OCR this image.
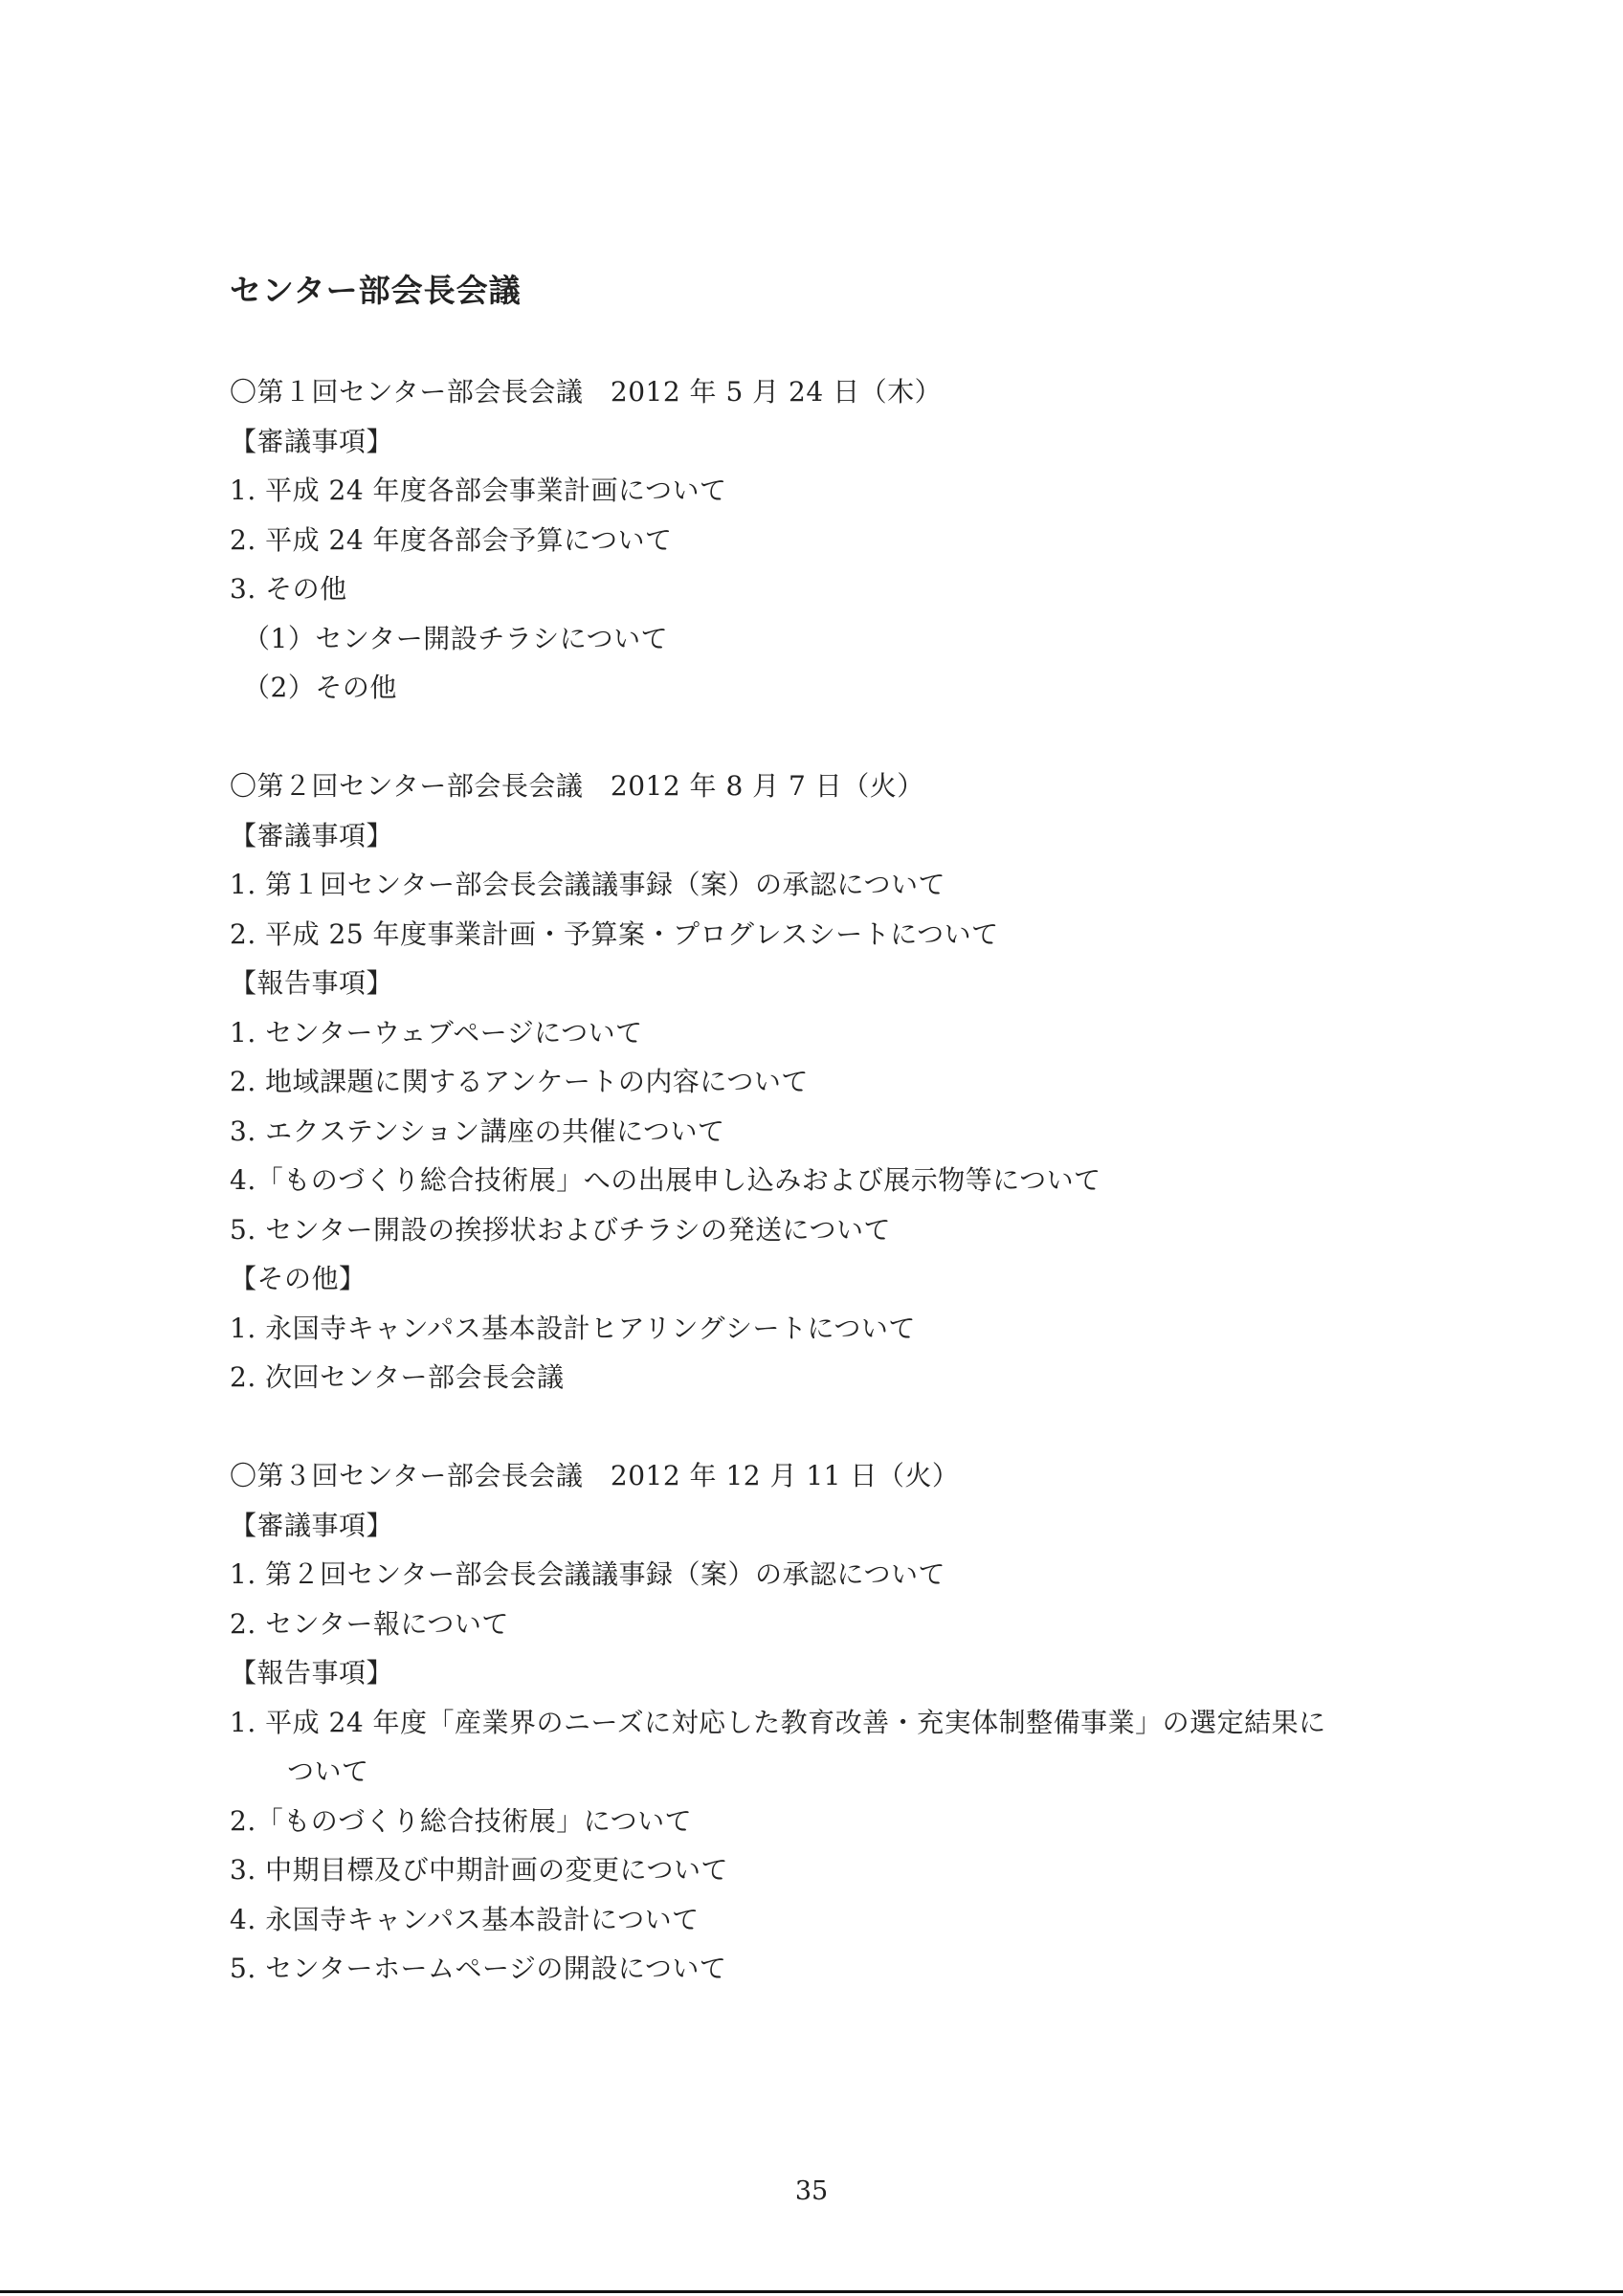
センター部会長会議
〇第１回センター部会長会議　2012 年 5 月 24 日（木）
【審議事項】
1. 平成 24 年度各部会事業計画について
2. 平成 24 年度各部会予算について
3. その他
（1）センター開設チラシについて
（2）その他
〇第２回センター部会長会議　2012 年 8 月 7 日（火）
【審議事項】
1. 第１回センター部会長会議議事録（案）の承認について
2. 平成 25 年度事業計画・予算案・プログレスシートについて
【報告事項】
1. センターウェブページについて
2. 地域課題に関するアンケートの内容について
3. エクステンション講座の共催について
4.「ものづくり総合技術展」への出展申し込みおよび展示物等について
5. センター開設の挨拶状およびチラシの発送について
【その他】
1. 永国寺キャンパス基本設計ヒアリングシートについて
2. 次回センター部会長会議
〇第３回センター部会長会議　2012 年 12 月 11 日（火）
【審議事項】
1. 第２回センター部会長会議議事録（案）の承認について
2. センター報について
【報告事項】
1. 平成 24 年度「産業界のニーズに対応した教育改善・充実体制整備事業」の選定結果に
ついて
2.「ものづくり総合技術展」について
3. 中期目標及び中期計画の変更について
4. 永国寺キャンパス基本設計について
5. センターホームページの開設について
35
